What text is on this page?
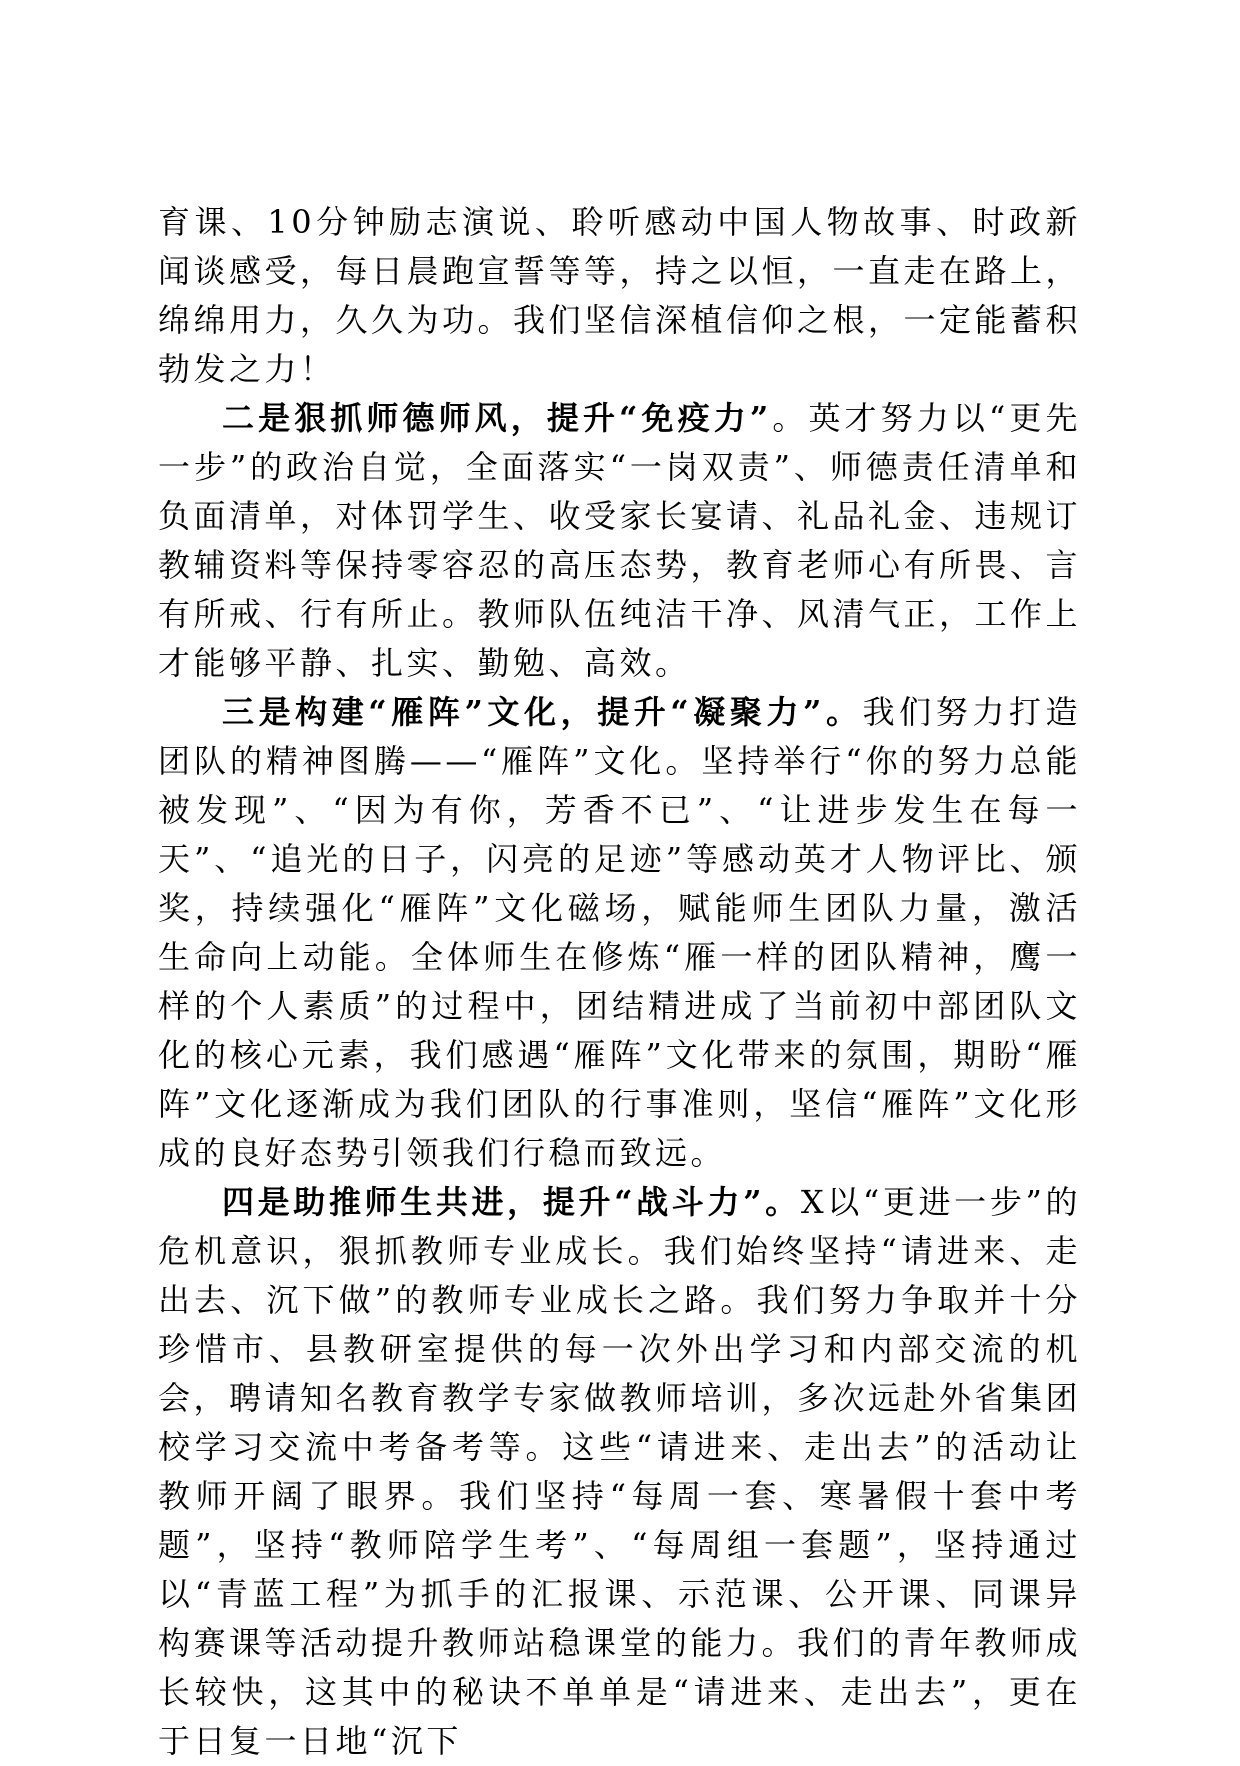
育课、10分钟励志演说、聆听感动中国人物故事、时政新闻谈感受，每日晨跑宣誓等等，持之以恒，一直走在路上，绵绵用力，久久为功。我们坚信深植信仰之根，一定能蓄积勃发之力！

二是狠抓师德师风，提升“免疫力”。英才努力以“更先一步”的政治自觉，全面落实“一岗双责”、师德责任清单和负面清单，对体罚学生、收受家长宴请、礼品礼金、违规订教辅资料等保持零容忍的高压态势，教育老师心有所畏、言有所戒、行有所止。教师队伍纯洁干净、风清气正，工作上才能够平静、扎实、勤勉、高效。

三是构建“雁阵”文化，提升“凝聚力”。我们努力打造团队的精神图腾——“雁阵”文化。坚持举行“你的努力总能被发现”、“因为有你，芳香不已”、“让进步发生在每一天”、“追光的日子，闪亮的足迹”等感动英才人物评比、颁奖，持续强化“雁阵”文化磁场，赋能师生团队力量，激活生命向上动能。全体师生在修炼“雁一样的团队精神，鹰一样的个人素质”的过程中，团结精进成了当前初中部团队文化的核心元素，我们感遇“雁阵”文化带来的氛围，期盼“雁阵”文化逐渐成为我们团队的行事准则，坚信“雁阵”文化形成的良好态势引领我们行稳而致远。

四是助推师生共进，提升“战斗力”。X以“更进一步”的危机意识，狠抓教师专业成长。我们始终坚持“请进来、走出去、沉下做”的教师专业成长之路。我们努力争取并十分珍惜市、县教研室提供的每一次外出学习和内部交流的机会，聘请知名教育教学专家做教师培训，多次远赴外省集团校学习交流中考备考等。这些“请进来、走出去”的活动让教师开阔了眼界。我们坚持“每周一套、寒暑假十套中考题”，坚持“教师陪学生考”、“每周组一套题”，坚持通过以“青蓝工程”为抓手的汇报课、示范课、公开课、同课异构赛课等活动提升教师站稳课堂的能力。我们的青年教师成长较快，这其中的秘诀不单单是“请进来、走出去”，更在于日复一日地“沉下
